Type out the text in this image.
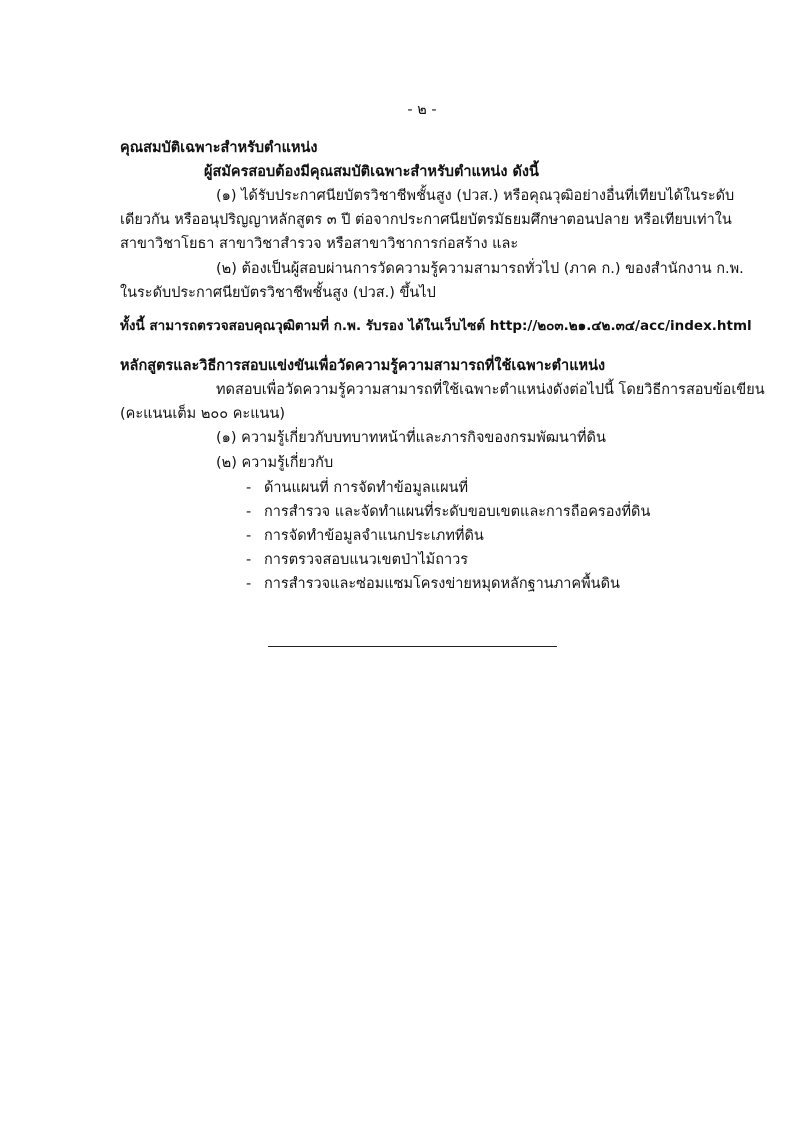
- ๒ -
คุณสมบัติเฉพาะสำหรับตำแหน่ง
ผู้สมัครสอบต้องมีคุณสมบัติเฉพาะสำหรับตำแหน่ง ดังนี้
(๑) ได้รับประกาศนียบัตรวิชาชีพชั้นสูง (ปวส.) หรือคุณวุฒิอย่างอื่นที่เทียบได้ในระดับ
เดียวกัน หรืออนุปริญญาหลักสูตร ๓ ปี ต่อจากประกาศนียบัตรมัธยมศึกษาตอนปลาย หรือเทียบเท่าใน
สาขาวิชาโยธา สาขาวิชาสำรวจ หรือสาขาวิชาการก่อสร้าง และ
(๒) ต้องเป็นผู้สอบผ่านการวัดความรู้ความสามารถทั่วไป (ภาค ก.) ของสำนักงาน ก.พ.
ในระดับประกาศนียบัตรวิชาชีพชั้นสูง (ปวส.) ขึ้นไป
ทั้งนี้ สามารถตรวจสอบคุณวุฒิตามที่ ก.พ. รับรอง ได้ในเว็บไซต์ http://๒๐๓.๒๑.๔๒.๓๔/acc/index.html
หลักสูตรและวิธีการสอบแข่งขันเพื่อวัดความรู้ความสามารถที่ใช้เฉพาะตำแหน่ง
ทดสอบเพื่อวัดความรู้ความสามารถที่ใช้เฉพาะตำแหน่งดังต่อไปนี้ โดยวิธีการสอบข้อเขียน
(คะแนนเต็ม ๒๐๐ คะแนน)
(๑) ความรู้เกี่ยวกับบทบาทหน้าที่และภารกิจของกรมพัฒนาที่ดิน
(๒) ความรู้เกี่ยวกับ
- ด้านแผนที่ การจัดทำข้อมูลแผนที่
- การสำรวจ และจัดทำแผนที่ระดับขอบเขตและการถือครองที่ดิน
- การจัดทำข้อมูลจำแนกประเภทที่ดิน
- การตรวจสอบแนวเขตป่าไม้ถาวร
- การสำรวจและซ่อมแซมโครงข่ายหมุดหลักฐานภาคพื้นดิน
